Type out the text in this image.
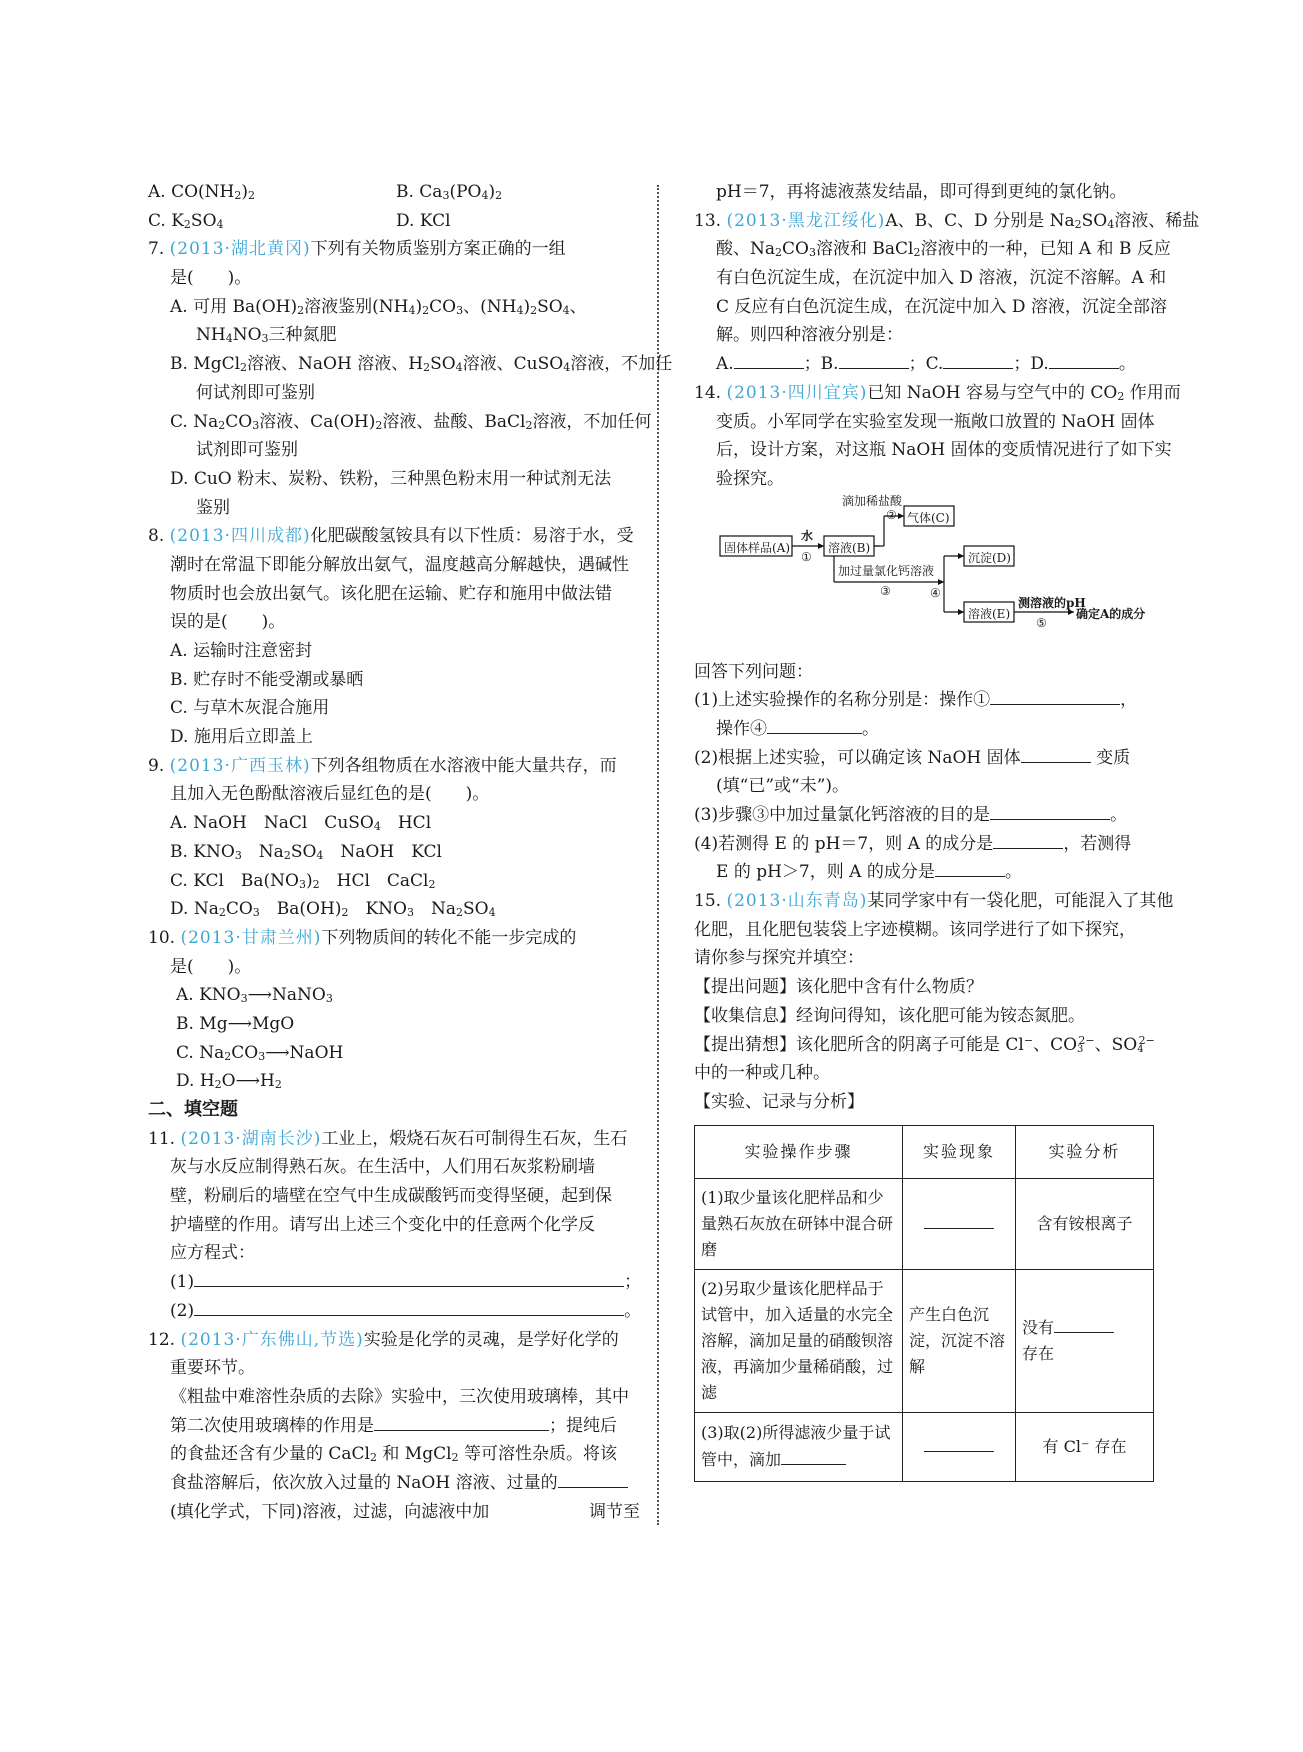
A. $CO(NH_2)_2$	B. $Ca_3(PO_4)_2$
C. $K_2SO_4$	D. KCl
7. (2013·湖北黄冈)下列有关物质鉴别方案正确的一组
是(　　)。
A. 可用 $Ba(OH)_2$溶液鉴别$(NH_4)_2CO_3$、$(NH_4)_2SO_4$、
$NH_4NO_3$三种氮肥
B. MgCl$_2$溶液、NaOH 溶液、$H_2SO_4$溶液、CuSO$_4$溶液，不加任
何试剂即可鉴别
C. $Na_2CO_3$溶液、$Ca(OH)_2$溶液、盐酸、BaCl$_2$溶液，不加任何
试剂即可鉴别
D. CuO 粉末、炭粉、铁粉，三种黑色粉末用一种试剂无法
鉴别
8. (2013·四川成都)化肥碳酸氢铵具有以下性质：易溶于水，受
潮时在常温下即能分解放出氨气，温度越高分解越快，遇碱性
物质时也会放出氨气。该化肥在运输、贮存和施用中做法错
误的是(　　)。
A. 运输时注意密封
B. 贮存时不能受潮或暴晒
C. 与草木灰混合施用
D. 施用后立即盖上
9. (2013·广西玉林)下列各组物质在水溶液中能大量共存，而
且加入无色酚酞溶液后显红色的是(　　)。
A. NaOH　NaCl　CuSO$_4$　HCl
B. $KNO_3$　$Na_2SO_4$　NaOH　KCl
C. KCl　$Ba(NO_3)_2$　HCl　CaCl$_2$
D. $Na_2CO_3$　$Ba(OH)_2$　$KNO_3$　$Na_2SO_4$
10. (2013·甘肃兰州)下列物质间的转化不能一步完成的
是(　　)。
A. $KNO_3⟶NaNO_3$
B. Mg⟶MgO
C. $Na_2CO_3⟶NaOH$
D. $H_2O⟶H_2$
二、填空题
11. (2013·湖南长沙)工业上，煅烧石灰石可制得生石灰，生石
灰与水反应制得熟石灰。在生活中，人们用石灰浆粉刷墙
壁，粉刷后的墙壁在空气中生成碳酸钙而变得坚硬，起到保
护墙壁的作用。请写出上述三个变化中的任意两个化学反
应方程式：
(1)	；
(2)	。
12. (2013·广东佛山,节选)实验是化学的灵魂，是学好化学的
重要环节。
《粗盐中难溶性杂质的去除》实验中，三次使用玻璃棒，其中
第二次使用玻璃棒的作用是	；提纯后
的食盐还含有少量的 CaCl$_2$ 和 MgCl$_2$ 等可溶性杂质。将该
食盐溶解后，依次放入过量的 NaOH 溶液、过量的
(填化学式，下同)溶液，过滤，向滤液中加	调节至
pH＝7，再将滤液蒸发结晶，即可得到更纯的氯化钠。
13. (2013·黑龙江绥化)A、B、C、D 分别是 $Na_2SO_4$溶液、稀盐
酸、$Na_2CO_3$溶液和 BaCl$_2$溶液中的一种，已知 A 和 B 反应
有白色沉淀生成，在沉淀中加入 D 溶液，沉淀不溶解。A 和
C 反应有白色沉淀生成，在沉淀中加入 D 溶液，沉淀全部溶
解。则四种溶液分别是：
A.	；B.	；C.	；D.	。
14. (2013·四川宜宾)已知 NaOH 容易与空气中的 $CO_2$ 作用而
变质。小军同学在实验室发现一瓶敞口放置的 NaOH 固体
后，设计方案，对这瓶 NaOH 固体的变质情况进行了如下实
验探究。
固体样品(A)
水
①
溶液(B)
滴加稀盐酸
② 气体(C)
加过量氯化钙溶液
③	④
沉淀(D)
溶液(E)
测溶液的pH
⑤
确定A的成分
回答下列问题：
(1)上述实验操作的名称分别是：操作①	，
操作④	。
(2)根据上述实验，可以确定该 NaOH 固体	变质
(填“已”或“未”)。
(3)步骤③中加过量氯化钙溶液的目的是	。
(4)若测得 E 的 pH＝7，则 A 的成分是	，若测得
E 的 pH＞7，则 A 的成分是	。
15. (2013·山东青岛)某同学家中有一袋化肥，可能混入了其他
化肥，且化肥包装袋上字迹模糊。该同学进行了如下探究，
请你参与探究并填空：
【提出问题】该化肥中含有什么物质？
【收集信息】经询问得知，该化肥可能为铵态氮肥。
【提出猜想】该化肥所含的阴离子可能是 Cl−、$CO_3^{2-}$、$SO_4^{2-}$
中的一种或几种。
【实验、记录与分析】
实验操作步骤	实验现象	实验分析
(1)取少量该化肥样品和少量熟石灰放在研钵中混合研磨		含有铵根离子
(2)另取少量该化肥样品于试管中，加入适量的水完全溶解，滴加足量的硝酸钡溶液，再滴加少量稀硝酸，过滤	产生白色沉淀，沉淀不溶解	没有
存在
(3)取(2)所得滤液少量于试管中，滴加		有 Cl⁻ 存在
